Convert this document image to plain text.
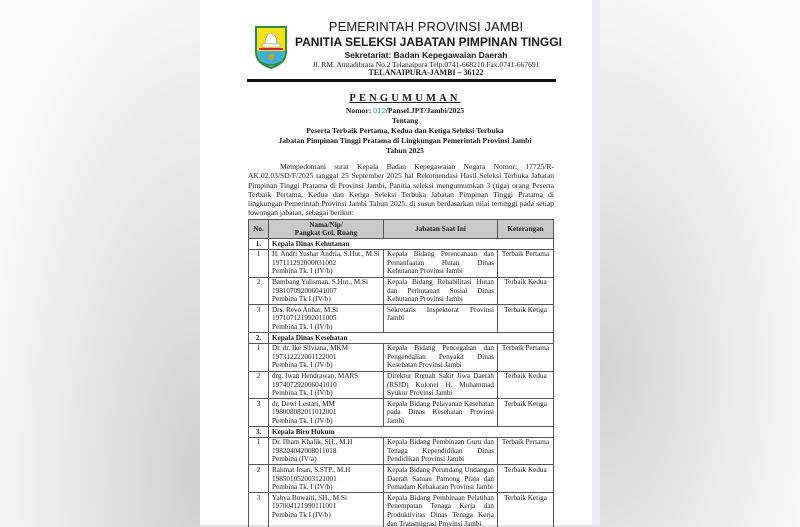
PEMERINTAH PROVINSI JAMBI
PANITIA SELEKSI JABATAN PIMPINAN TINGGI
Sekretariat: Badan Kepegawaian Daerah
Jl. RM. Atmadibrata No.2 Telanaipura Telp.0741-668210 Fax.0741-667691
TELANAIPURA-JAMBI – 36122
PENGUMUMAN
Nomor: 012/Pansel.JPT/Jambi/2025
Tentang
Peserta Terbaik Pertama, Kedua dan Ketiga Seleksi Terbuka
Jabatan Pimpinan Tinggi Pratama di Lingkungan Pemerintah Provinsi Jambi
Tahun 2025
Mempedomani surat Kepala Badan Kepegawaian Negara Nomor: 17725/R-AK.02.03/SD/F/2025 tanggal 25 September 2025 hal Rekomendasi Hasil Seleksi Terbuka Jabatan Pimpinan Tinggi Pratama di Provinsi Jambi, Panitia seleksi mengumumkan 3 (tiga) orang Peserta Terbaik Pertama, Kedua dan Ketiga Seleksi Terbuka Jabatan Pimpinan Tinggi Pratama di lingkungan Pemerintah Provinsi Jambi Tahun 2025, di susun berdasarkan nilai tertinggi pada setiap lowongan jabatan, sebagai berikut:
No.	Nama/Nip/
Pangkat Gol. Ruang	Jabatan Saat Ini	Keterangan
1.	Kepala Dinas Kehutanan		
1	H. Andri Yushar Andria, S.Hut., M.Si
197111292000031002
Pembina Tk. I (IV/b)	Kepala Bidang Perencanaan dan Pemanfaatan Hutan Dinas Kehutanan Provinsi Jambi	Terbaik Pertama
2	Bambang Yulisman, S.Hut., M.Si
198107092006041007
Pembina Tk I (IV/b)	Kepala Bidang Rehabilitasi Hutan dan Perhutanan Sosial Dinas Kehutanan Provinsi Jambi	Terbaik Kedua
3	Drs. Revo Anhar, M.Si
197107121992011005
Pembina Tk. I (IV/b)	Sekretaris Inspektorat Provinsi Jambi	Terbaik Ketiga
2.	Kepala Dinas Kesehatan		
1	Dr. dr. Ike Silviana, MKM
197312222001122001
Pembina Tk. I (IV/b)	Kepala Bidang Pencegahan dan Pengendalian Penyakit Dinas Kesehatan Provinsi Jambi	Terbaik Pertama
2	drg. Iwan Hendrawan, MARS
197407292006041010
Pembina Tk. I (IV/b)	Direktur Rumah Sakit Jiwa Daerah (RSJD) Kolonel H. Muhammad Syukur Provinsi Jambi	Terbaik Kedua
3	dr. Dewi Lestari, MM
198008082011012001
Pembina Tk. I (IV/b)	Kepala Bidang Pelayanan Kesehatan pada Dinas Kesehatan Provinsi Jambi	Terbaik Ketiga
3.	Kepala Biro Hukum		
1	Dr. Ilham Khalik, SH., M.H
198204042008011018
Pembina (IV/a)	Kepala Bidang Pembinaan Guru dan Tenaga Kependidikan Dinas Pendidikan Provinsi Jambi	Terbaik Pertama
2	Rahmat Irsan, S.STP., M.H
198501052003121001
Pembina Tk. I (IV/b)	Kepala Bidang Perundang Undangan Daerah Satuan Pamong Praja dan Pemadam Kebakaran Provinsi Jambi	Terbaik Kedua
3	Yahya Buwaiti, SH., M.Si
197004121990111001
Pembina Tk I (IV/b)	Kepala Bidang Pembinaan Pelatihan Penempatan Tenaga Kerja dan Produktivitas Dinas Tenaga Kerja dan Transmigrasi Provinsi Jambi	Terbaik Ketiga
